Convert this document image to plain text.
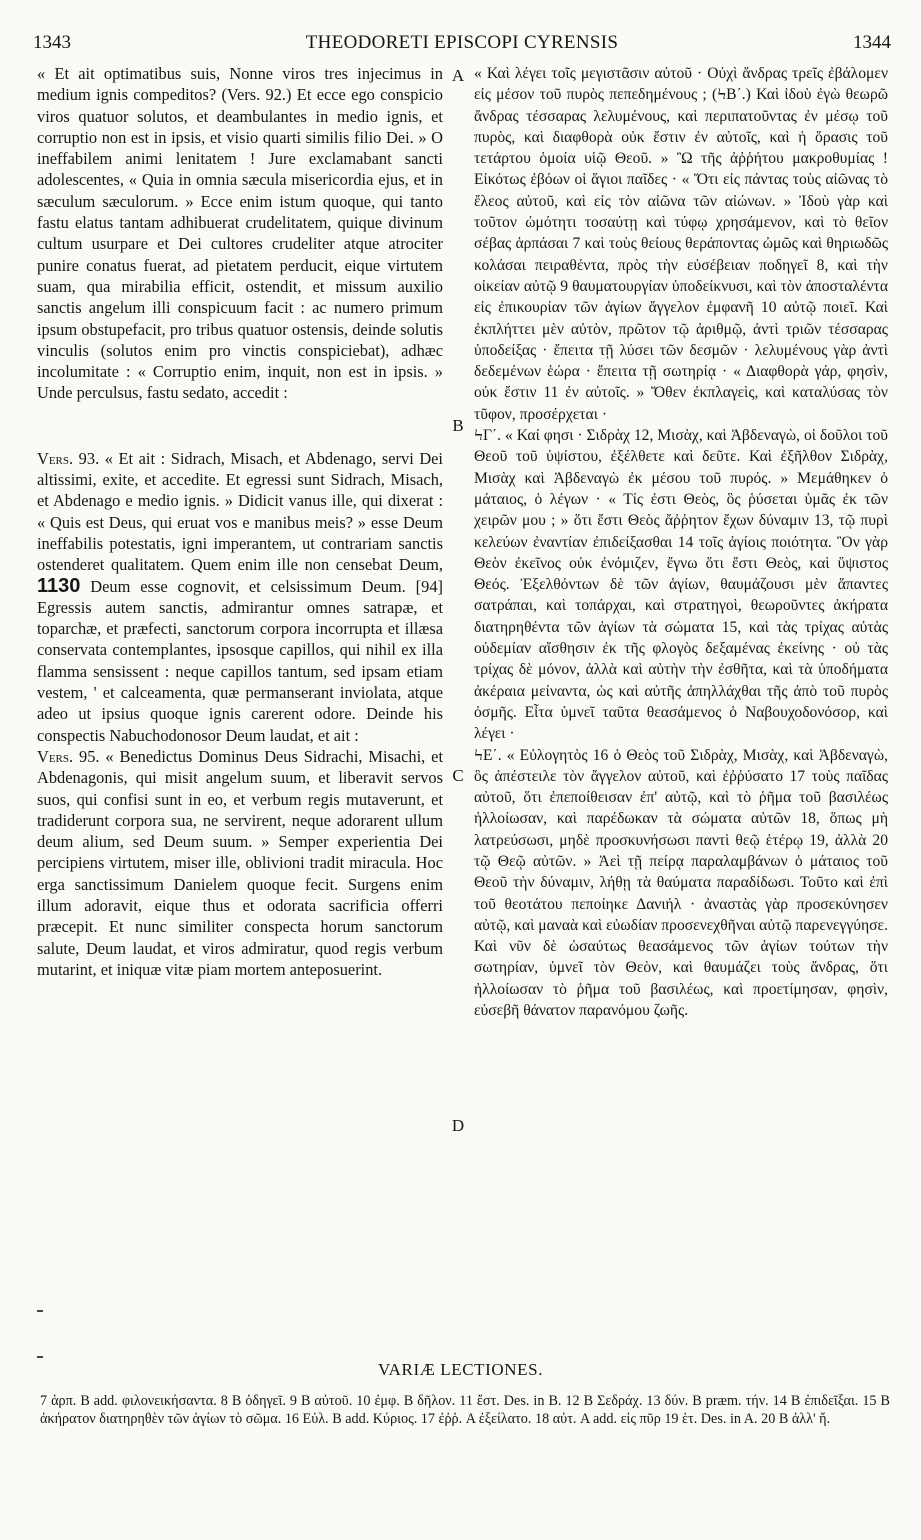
1343	THEODORETI EPISCOPI CYRENSIS	1344

« Et ait optimatibus suis, Nonne viros tres injecimus in medium ignis compeditos? (Vers. 92.) Et ecce ego conspicio viros quatuor solutos, et deambulantes in medio ignis, et corruptio non est in ipsis, et visio quarti similis filio Dei. » O ineffabilem animi lenitatem ! Jure exclamabant sancti adolescentes, « Quia in omnia sæcula misericordia ejus, et in sæculum sæculorum. » Ecce enim istum quoque, qui tanto fastu elatus tantam adhibuerat crudelitatem, quique divinum cultum usurpare et Dei cultores crudeliter atque atrociter punire conatus fuerat, ad pietatem perducit, eique virtutem suam, qua mirabilia efficit, ostendit, et missum auxilio sanctis angelum illi conspicuum facit : ac numero primum ipsum obstupefacit, pro tribus quatuor ostensis, deinde solutis vinculis (solutos enim pro vinctis conspiciebat), adhæc incolumitate : « Corruptio enim, inquit, non est in ipsis. » Unde perculsus, fastu sedato, accedit :

Vers. 93. « Et ait : Sidrach, Misach, et Abdenago, servi Dei altissimi, exite, et accedite. Et egressi sunt Sidrach, Misach, et Abdenago e medio ignis. » Didicit vanus ille, qui dixerat : « Quis est Deus, qui eruat vos e manibus meis? » esse Deum ineffabilis potestatis, igni imperantem, ut contrariam sanctis ostenderet qualitatem. Quem enim ille non censebat Deum, 1130 Deum esse cognovit, et celsissimum Deum. [94] Egressis autem sanctis, admirantur omnes satrapæ, et toparchæ, et præfecti, sanctorum corpora incorrupta et illæsa conservata contemplantes, ipsosque capillos, qui nihil ex illa flamma sensissent : neque capillos tantum, sed ipsam etiam vestem, ' et calceamenta, quæ permanserant inviolata, atque adeo ut ipsius quoque ignis carerent odore. Deinde his conspectis Nabuchodonosor Deum laudat, et ait :

Vers. 95. « Benedictus Dominus Deus Sidrachi, Misachi, et Abdenagonis, qui misit angelum suum, et liberavit servos suos, qui confisi sunt in eo, et verbum regis mutaverunt, et tradiderunt corpora sua, ne servirent, neque adorarent ullum deum alium, sed Deum suum. » Semper experientia Dei percipiens virtutem, miser ille, oblivioni tradit miracula. Hoc erga sanctissimum Danielem quoque fecit. Surgens enim illum adoravit, eique thus et odorata sacrificia offerri præcepit. Et nunc similiter conspecta horum sanctorum salute, Deum laudat, et viros admiratur, quod regis verbum mutarint, et iniquæ vitæ piam mortem anteposuerint.

A
B
C
D

« Καὶ λέγει τοῖς μεγιστᾶσιν αὐτοῦ · Οὐχὶ ἄνδρας τρεῖς ἐβάλομεν εἰς μέσον τοῦ πυρὸς πεπεδημένους ; (ϞΒ΄.) Καὶ ἰδοὺ ἐγὼ θεωρῶ ἄνδρας τέσσαρας λελυμένους, καὶ περιπατοῦντας ἐν μέσῳ τοῦ πυρὸς, καὶ διαφθορὰ οὐκ ἔστιν ἐν αὐτοῖς, καὶ ἡ ὅρασις τοῦ τετάρτου ὁμοία υἱῷ Θεοῦ. » Ὢ τῆς ἀῤῥήτου μακροθυμίας ! Εἰκότως ἐβόων οἱ ἅγιοι παῖδες · « Ὅτι εἰς πάντας τοὺς αἰῶνας τὸ ἔλεος αὐτοῦ, καὶ εἰς τὸν αἰῶνα τῶν αἰώνων. » Ἰδοὺ γὰρ καὶ τοῦτον ὠμότητι τοσαύτῃ καὶ τύφῳ χρησάμενον, καὶ τὸ θεῖον σέβας ἁρπάσαι 7 καὶ τοὺς θείους θεράποντας ὠμῶς καὶ θηριωδῶς κολάσαι πειραθέντα, πρὸς τὴν εὐσέβειαν ποδηγεῖ 8, καὶ τὴν οἰκείαν αὐτῷ 9 θαυματουργίαν ὑποδείκνυσι, καὶ τὸν ἀποσταλέντα εἰς ἐπικουρίαν τῶν ἁγίων ἄγγελον ἐμφανῆ 10 αὐτῷ ποιεῖ. Καὶ ἐκπλήττει μὲν αὐτὸν, πρῶτον τῷ ἀριθμῷ, ἀντὶ τριῶν τέσσαρας ὑποδείξας · ἔπειτα τῇ λύσει τῶν δεσμῶν · λελυμένους γὰρ ἀντὶ δεδεμένων ἑώρα · ἔπειτα τῇ σωτηρίᾳ · « Διαφθορὰ γάρ, φησὶν, οὐκ ἔστιν 11 ἐν αὐτοῖς. » Ὅθεν ἐκπλαγεὶς, καὶ καταλύσας τὸν τῦφον, προσέρχεται ·

ϞΓ΄. « Καί φησι · Σιδρὰχ 12, Μισὰχ, καὶ Ἀβδεναγὼ, οἱ δοῦλοι τοῦ Θεοῦ τοῦ ὑψίστου, ἐξέλθετε καὶ δεῦτε. Καὶ ἐξῆλθον Σιδρὰχ, Μισὰχ καὶ Ἀβδεναγὼ ἐκ μέσου τοῦ πυρός. » Μεμάθηκεν ὁ μάταιος, ὁ λέγων · « Τίς ἐστι Θεὸς, ὃς ῥύσεται ὑμᾶς ἐκ τῶν χειρῶν μου ; » ὅτι ἔστι Θεὸς ἄῤῥητον ἔχων δύναμιν 13, τῷ πυρὶ κελεύων ἐναντίαν ἐπιδείξασθαι 14 τοῖς ἁγίοις ποιότητα. Ὃν γὰρ Θεὸν ἐκεῖνος οὐκ ἐνόμιζεν, ἔγνω ὅτι ἔστι Θεὸς, καὶ ὕψιστος Θεός. Ἐξελθόντων δὲ τῶν ἁγίων, θαυμάζουσι μὲν ἅπαντες σατράπαι, καὶ τοπάρχαι, καὶ στρατηγοὶ, θεωροῦντες ἀκήρατα διατηρηθέντα τῶν ἁγίων τὰ σώματα 15, καὶ τὰς τρίχας αὐτὰς οὐδεμίαν αἴσθησιν ἐκ τῆς φλογὸς δεξαμένας ἐκείνης · οὐ τὰς τρίχας δὲ μόνον, ἀλλὰ καὶ αὐτὴν τὴν ἐσθῆτα, καὶ τὰ ὑποδήματα ἀκέραια μείναντα, ὡς καὶ αὐτῆς ἀπηλλάχθαι τῆς ἀπὸ τοῦ πυρὸς ὀσμῆς. Εἶτα ὑμνεῖ ταῦτα θεασάμενος ὁ Ναβουχοδονόσορ, καὶ λέγει ·

ϞΕ΄. « Εὐλογητὸς 16 ὁ Θεὸς τοῦ Σιδρὰχ, Μισὰχ, καὶ Ἀβδεναγὼ, ὃς ἀπέστειλε τὸν ἄγγελον αὐτοῦ, καὶ ἐῤῥύσατο 17 τοὺς παῖδας αὐτοῦ, ὅτι ἐπεποίθεισαν ἐπ' αὐτῷ, καὶ τὸ ῥῆμα τοῦ βασιλέως ἠλλοίωσαν, καὶ παρέδωκαν τὰ σώματα αὐτῶν 18, ὅπως μὴ λατρεύσωσι, μηδὲ προσκυνήσωσι παντὶ θεῷ ἑτέρῳ 19, ἀλλὰ 20 τῷ Θεῷ αὐτῶν. » Ἀεὶ τῇ πείρᾳ παραλαμβάνων ὁ μάταιος τοῦ Θεοῦ τὴν δύναμιν, λήθῃ τὰ θαύματα παραδίδωσι. Τοῦτο καὶ ἐπὶ τοῦ θεοτάτου πεποίηκε Δανιήλ · ἀναστὰς γὰρ προσεκύνησεν αὐτῷ, καὶ μαναὰ καὶ εὐωδίαν προσενεχθῆναι αὐτῷ παρενεγγύησε. Καὶ νῦν δὲ ὡσαύτως θεασάμενος τῶν ἁγίων τούτων τὴν σωτηρίαν, ὑμνεῖ τὸν Θεὸν, καὶ θαυμάζει τοὺς ἄνδρας, ὅτι ἠλλοίωσαν τὸ ῥῆμα τοῦ βασιλέως, καὶ προετίμησαν, φησὶν, εὐσεβῆ θάνατον παρανόμου ζωῆς.

VARIÆ LECTIONES.
7 ἁρπ. B add. φιλονεικήσαντα. 8 B ὁδηγεῖ. 9 B αὐτοῦ. 10 ἐμφ. B δῆλον. 11 ἔστ. Des. in B. 12 B Σεδράχ. 13 δύν. B præm. τήν. 14 B ἐπιδεῖξαι. 15 B ἀκήρατον διατηρηθὲν τῶν ἁγίων τὸ σῶμα. 16 Εὐλ. B add. Κύριος. 17 ἐῤῥ. A ἐξείλατο. 18 αὐτ. A add. εἰς πῦρ 19 ἑτ. Des. in A. 20 B ἀλλ' ἤ.
